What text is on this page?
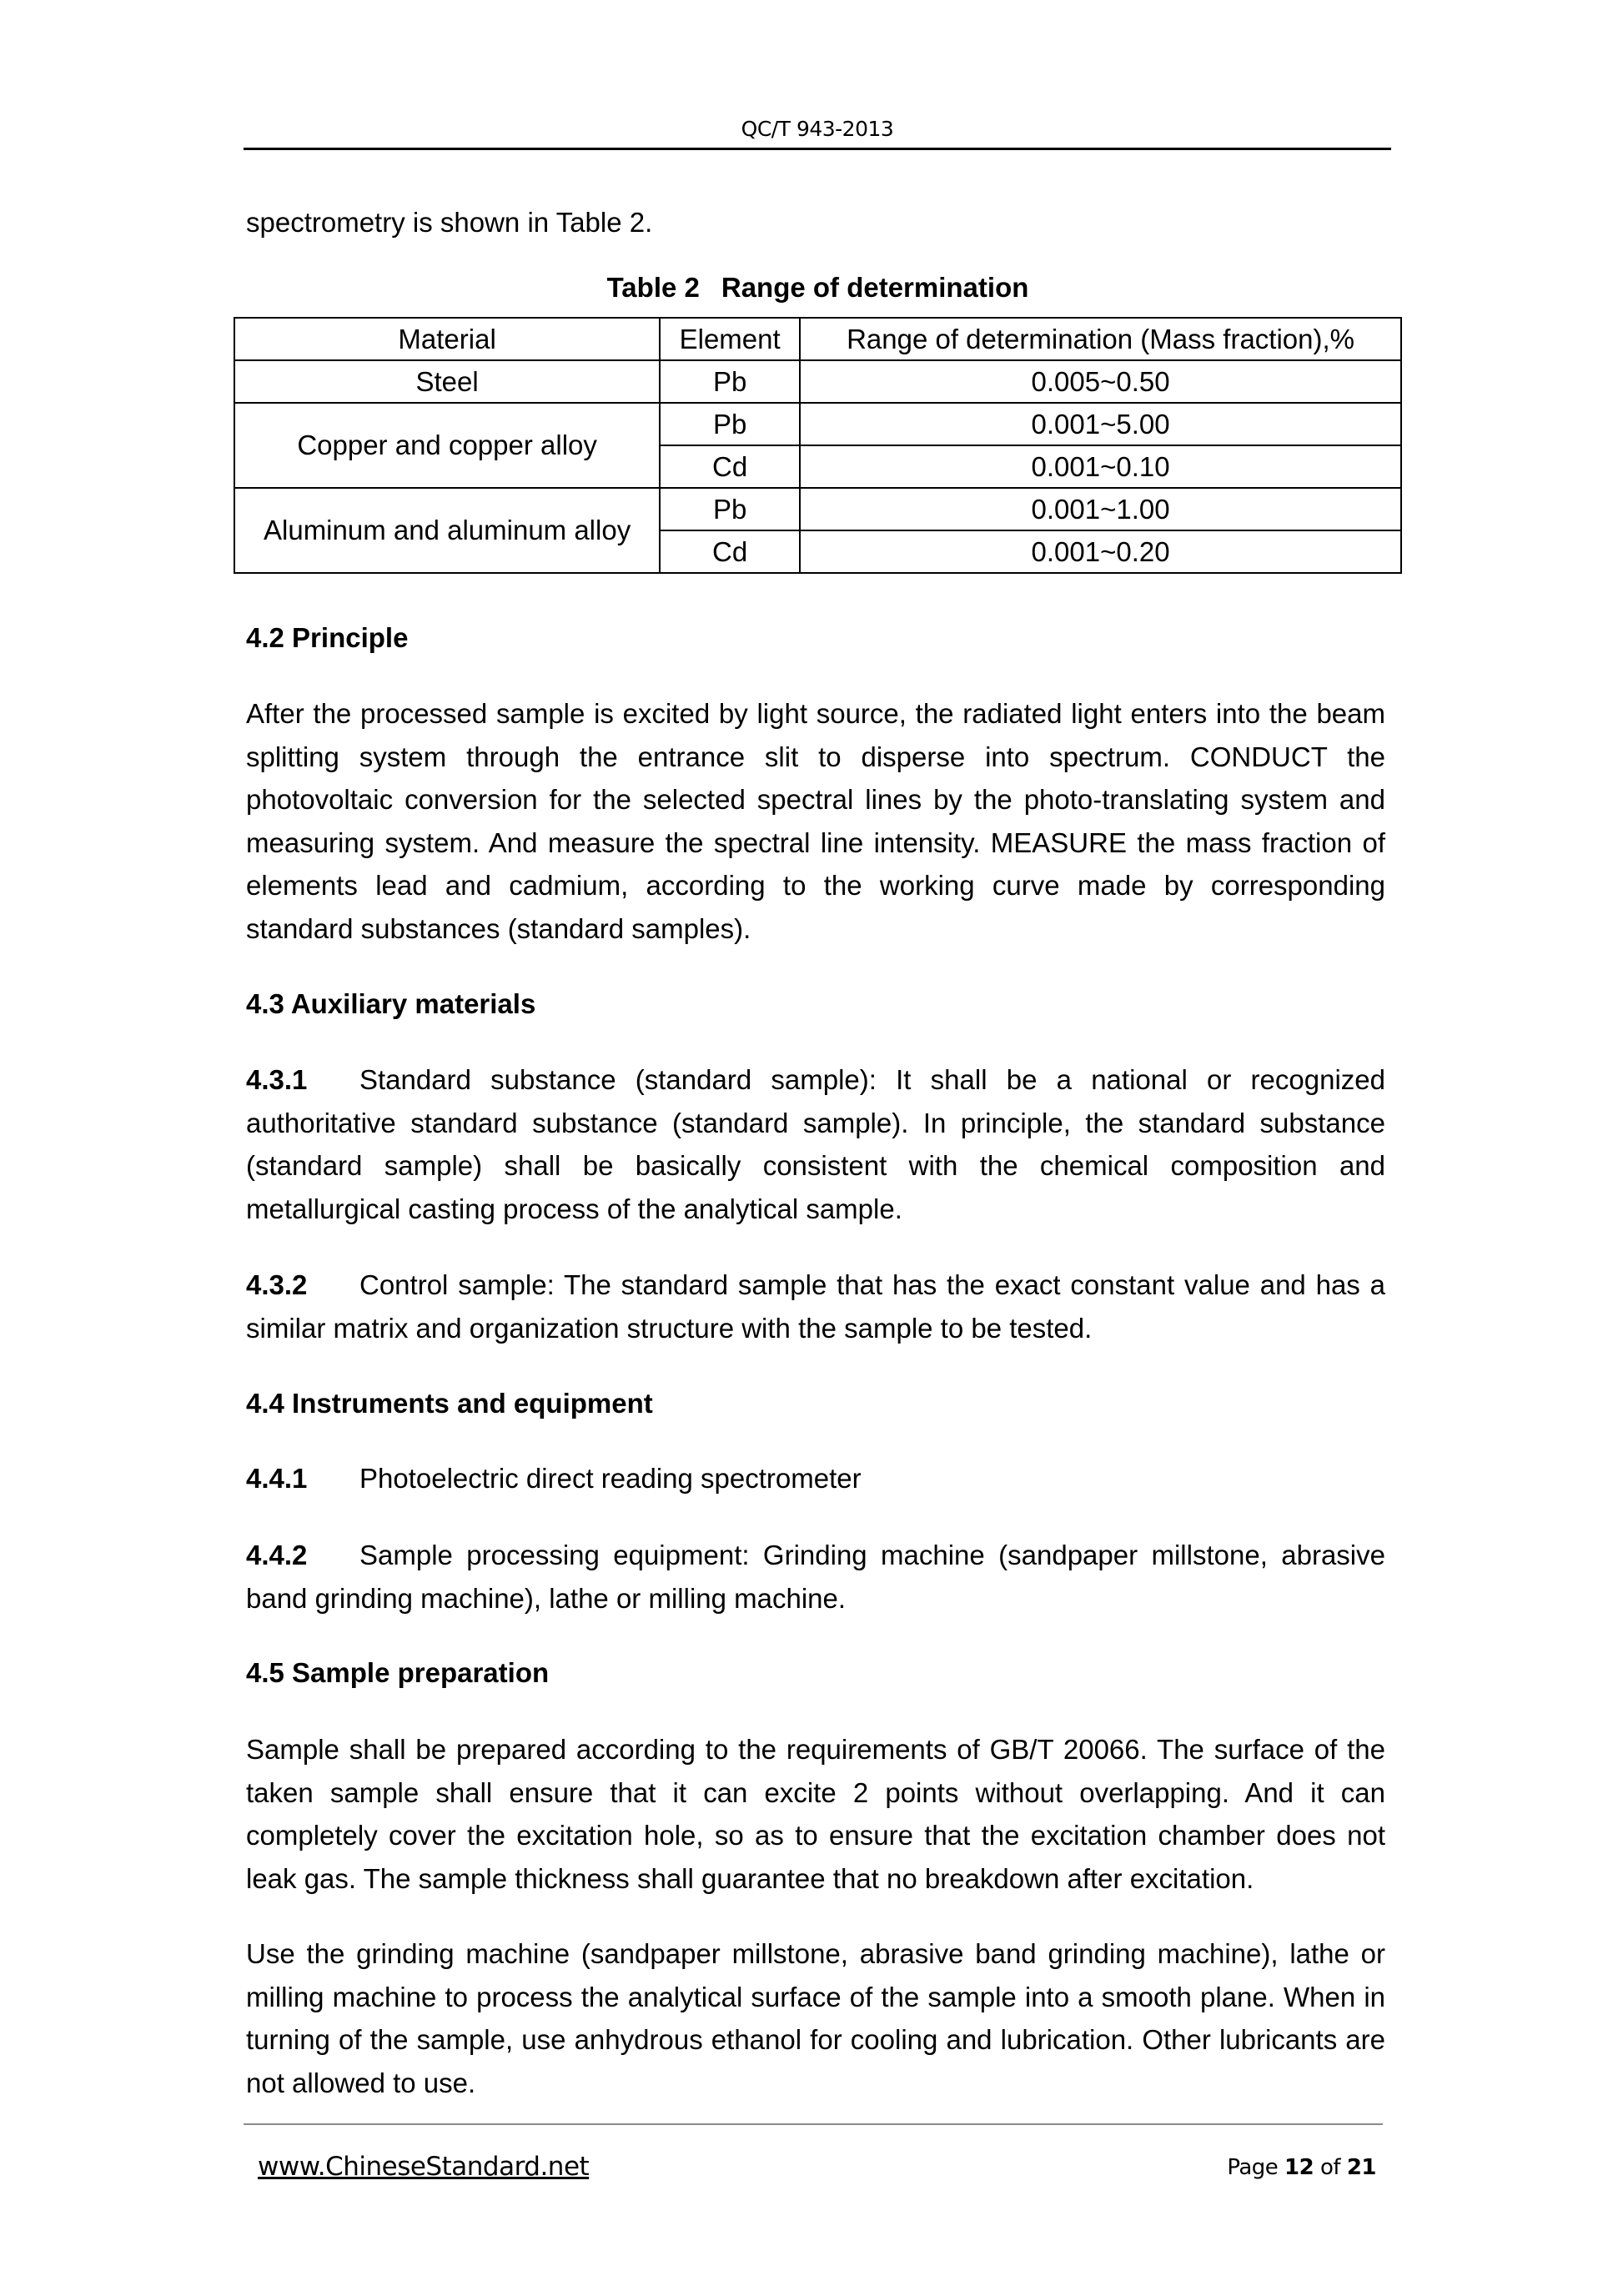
QC/T 943-2013
spectrometry is shown in Table 2.
Table 2 Range of determination
Material	Element	Range of determination (Mass fraction),%
Steel	Pb	0.005~0.50
Copper and copper alloy	Pb	0.001~5.00
	Cd	0.001~0.10
Aluminum and aluminum alloy	Pb	0.001~1.00
	Cd	0.001~0.20
4.2 Principle
After the processed sample is excited by light source, the radiated light enters into the beam splitting system through the entrance slit to disperse into spectrum. CONDUCT the photovoltaic conversion for the selected spectral lines by the photo-translating system and measuring system. And measure the spectral line intensity. MEASURE the mass fraction of elements lead and cadmium, according to the working curve made by corresponding standard substances (standard samples).
4.3 Auxiliary materials
4.3.1 Standard substance (standard sample): It shall be a national or recognized authoritative standard substance (standard sample). In principle, the standard substance (standard sample) shall be basically consistent with the chemical composition and metallurgical casting process of the analytical sample.
4.3.2 Control sample: The standard sample that has the exact constant value and has a similar matrix and organization structure with the sample to be tested.
4.4 Instruments and equipment
4.4.1 Photoelectric direct reading spectrometer
4.4.2 Sample processing equipment: Grinding machine (sandpaper millstone, abrasive band grinding machine), lathe or milling machine.
4.5 Sample preparation
Sample shall be prepared according to the requirements of GB/T 20066. The surface of the taken sample shall ensure that it can excite 2 points without overlapping. And it can completely cover the excitation hole, so as to ensure that the excitation chamber does not leak gas. The sample thickness shall guarantee that no breakdown after excitation.
Use the grinding machine (sandpaper millstone, abrasive band grinding machine), lathe or milling machine to process the analytical surface of the sample into a smooth plane. When in turning of the sample, use anhydrous ethanol for cooling and lubrication. Other lubricants are not allowed to use.
www.ChineseStandard.net	Page 12 of 21
